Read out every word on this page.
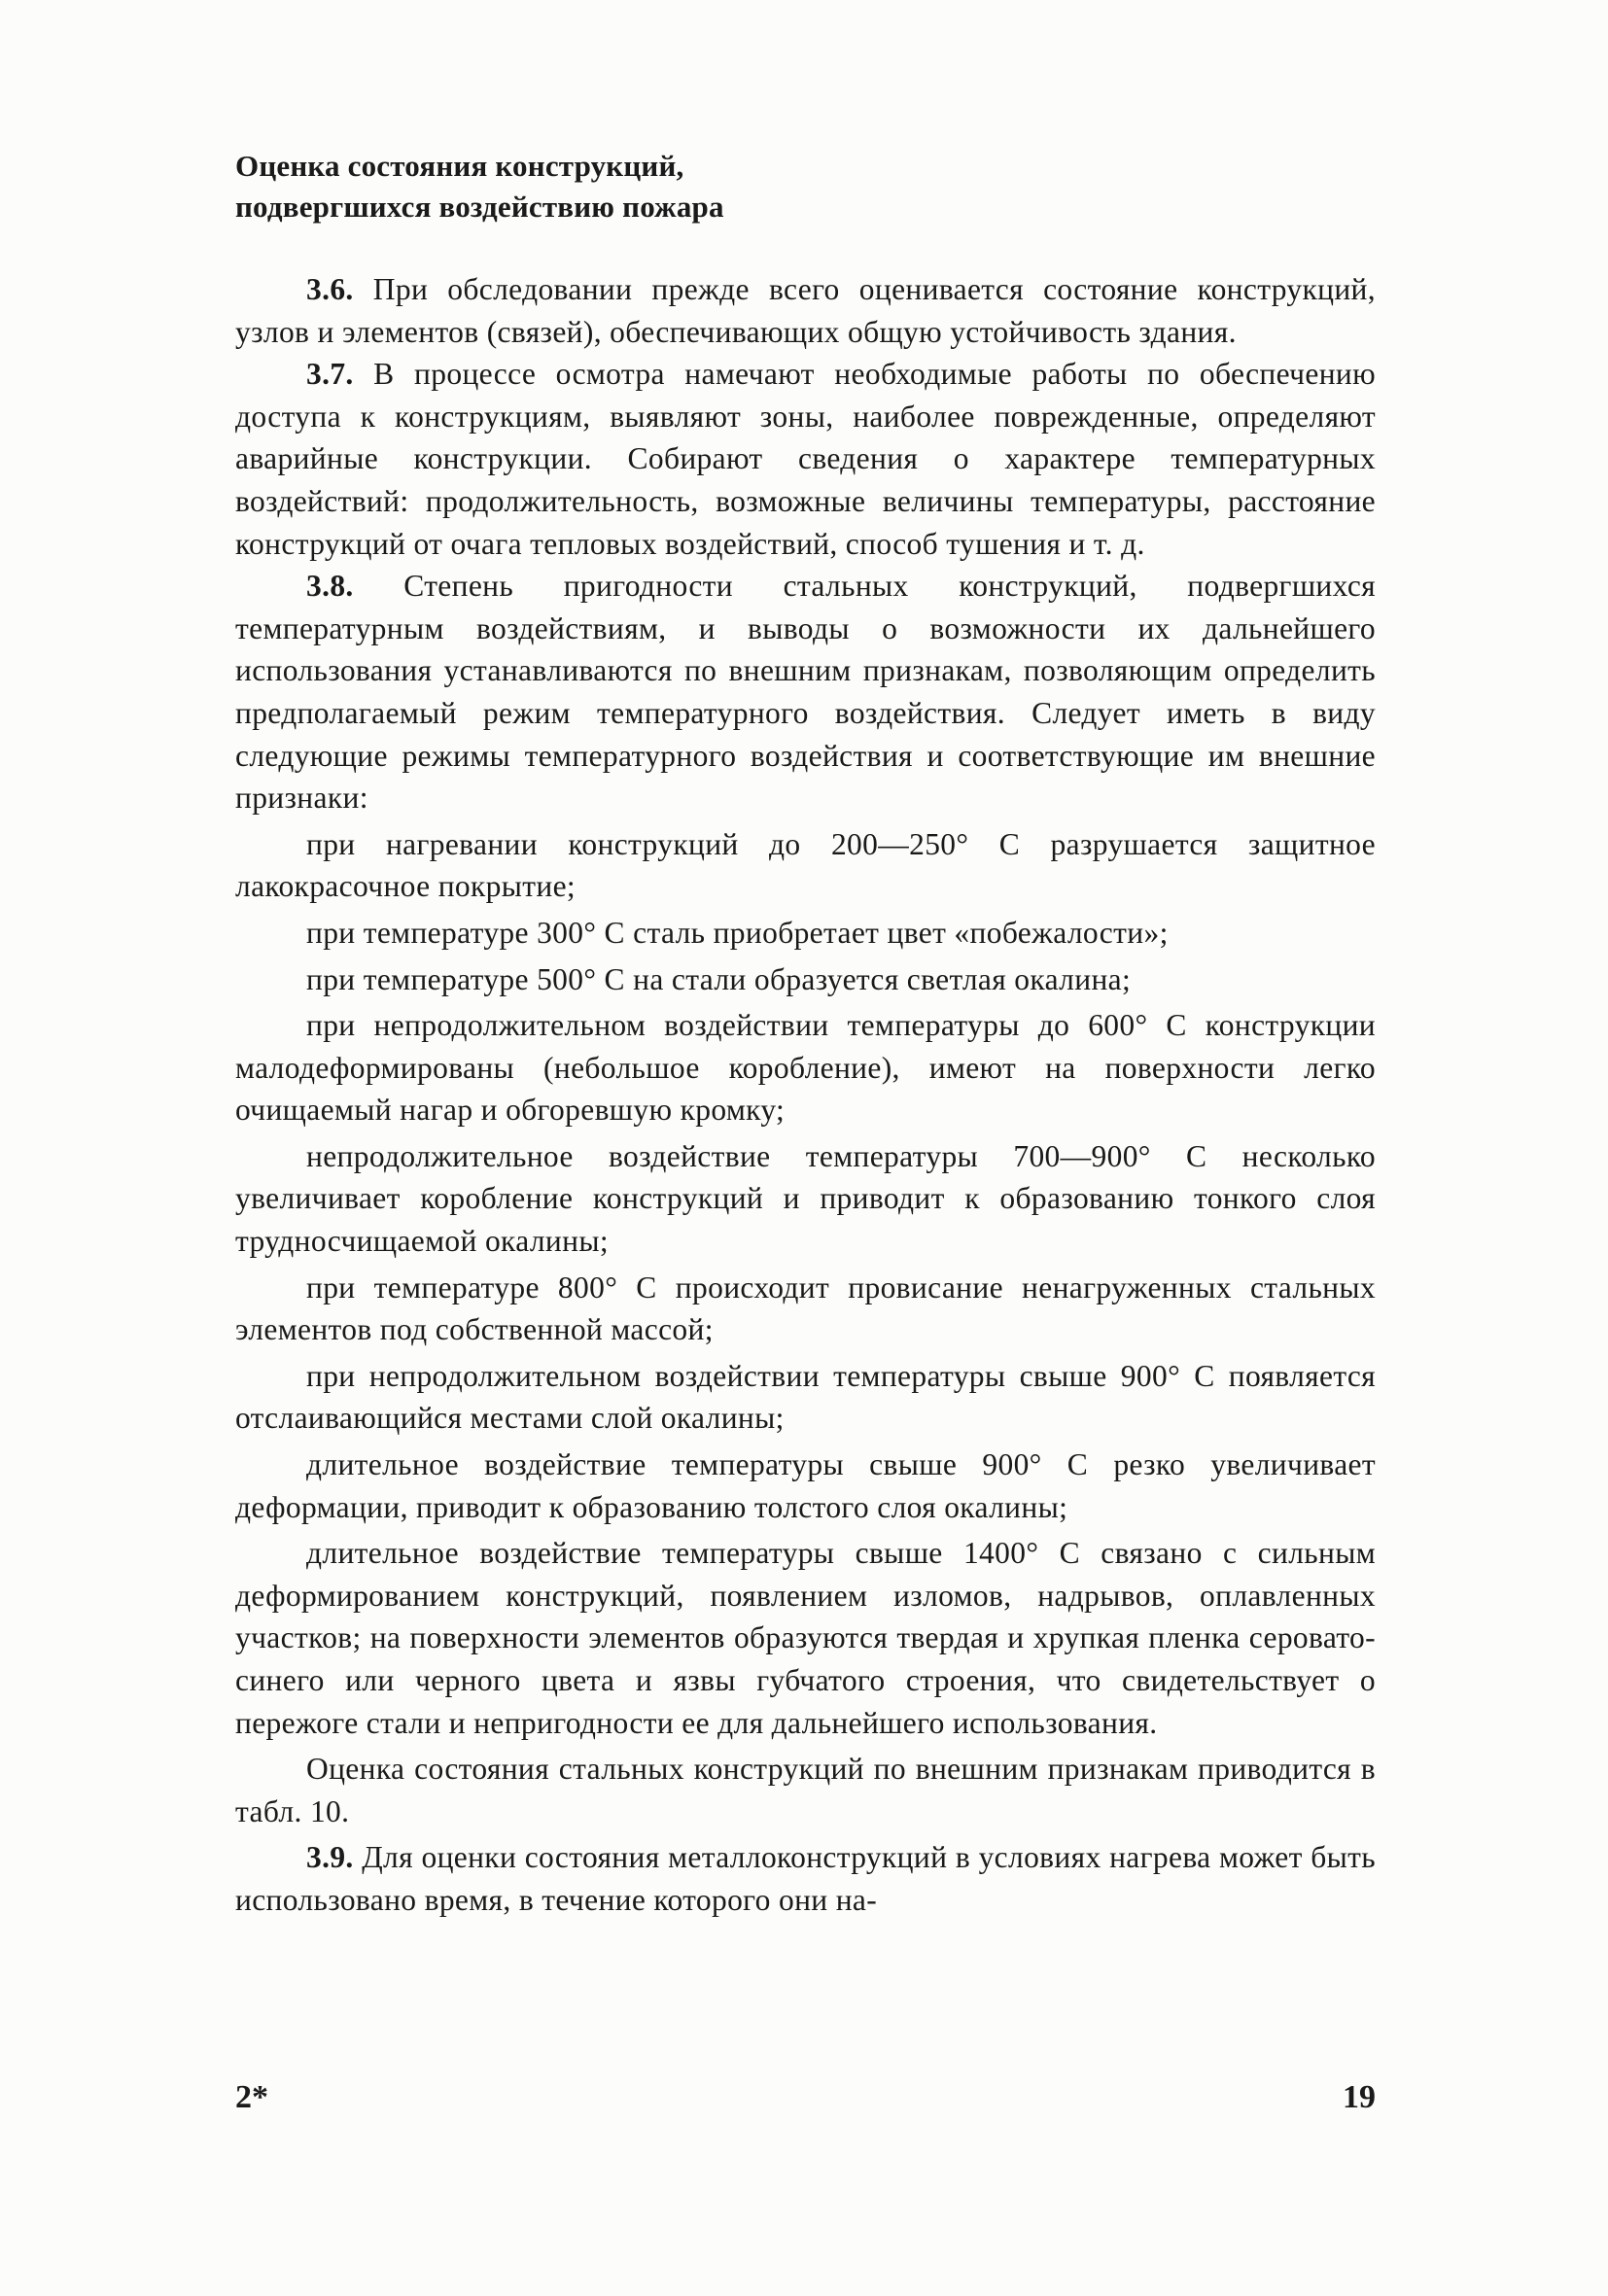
Оценка состояния конструкций,
подвергшихся воздействию пожара

3.6. При обследовании прежде всего оценивается состояние конструкций, узлов и элементов (связей), обеспечивающих общую устойчивость здания.

3.7. В процессе осмотра намечают необходимые работы по обеспечению доступа к конструкциям, выявляют зоны, наиболее поврежденные, определяют аварийные конструкции. Собирают сведения о характере температурных воздействий: продолжительность, возможные величины температуры, расстояние конструкций от очага тепловых воздействий, способ тушения и т. д.

3.8. Степень пригодности стальных конструкций, подвергшихся температурным воздействиям, и выводы о возможности их дальнейшего использования устанавливаются по внешним признакам, позволяющим определить предполагаемый режим температурного воздействия. Следует иметь в виду следующие режимы температурного воздействия и соответствующие им внешние признаки:

при нагревании конструкций до 200—250° С разрушается защитное лакокрасочное покрытие;

при температуре 300° С сталь приобретает цвет «побежалости»;

при температуре 500° С на стали образуется светлая окалина;

при непродолжительном воздействии температуры до 600° С конструкции малодеформированы (небольшое коробление), имеют на поверхности легко очищаемый нагар и обгоревшую кромку;

непродолжительное воздействие температуры 700—900° С несколько увеличивает коробление конструкций и приводит к образованию тонкого слоя трудносчищаемой окалины;

при температуре 800° С происходит провисание ненагруженных стальных элементов под собственной массой;

при непродолжительном воздействии температуры свыше 900° С появляется отслаивающийся местами слой окалины;

длительное воздействие температуры свыше 900° С резко увеличивает деформации, приводит к образованию толстого слоя окалины;

длительное воздействие температуры свыше 1400° С связано с сильным деформированием конструкций, появлением изломов, надрывов, оплавленных участков; на поверхности элементов образуются твердая и хрупкая пленка серовато-синего или черного цвета и язвы губчатого строения, что свидетельствует о пережоге стали и непригодности ее для дальнейшего использования.

Оценка состояния стальных конструкций по внешним признакам приводится в табл. 10.

3.9. Для оценки состояния металлоконструкций в условиях нагрева может быть использовано время, в течение которого они на-

2*	19
